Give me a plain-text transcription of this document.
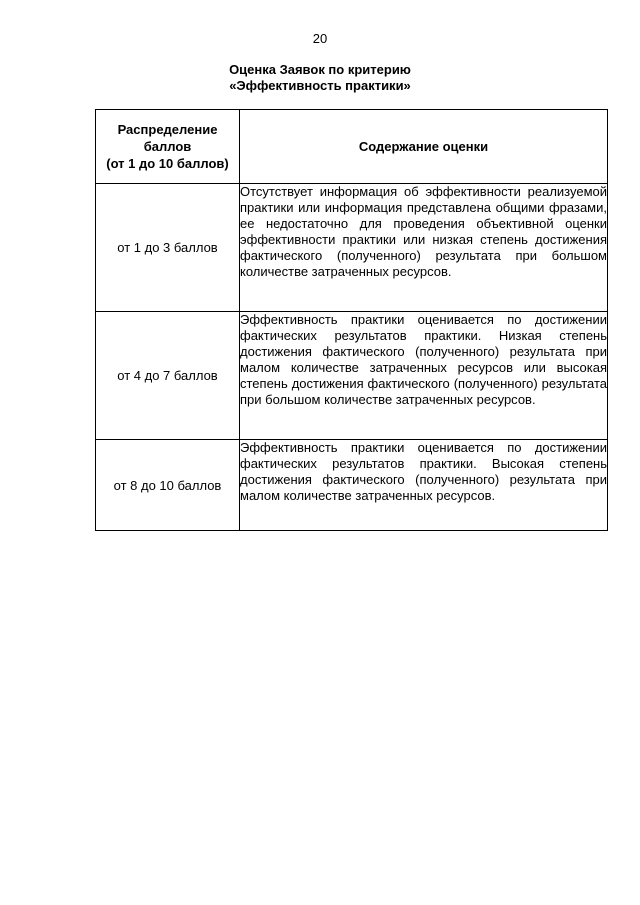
20
Оценка Заявок по критерию
«Эффективность практики»
Распределение
баллов
(от 1 до 10 баллов)	Содержание оценки
от 1 до 3 баллов	Отсутствует информация об эффективности реализуемой практики или информация представлена общими фразами, ее недостаточно для проведения объективной оценки эффективности практики или низкая степень достижения фактического (полученного) результата при большом количестве затраченных ресурсов.
от 4 до 7 баллов	Эффективность практики оценивается по достижении фактических результатов практики. Низкая степень достижения фактического (полученного) результата при малом количестве затраченных ресурсов или высокая степень достижения фактического (полученного) результата при большом количестве затраченных ресурсов.
от 8 до 10 баллов	Эффективность практики оценивается по достижении фактических результатов практики. Высокая степень достижения фактического (полученного) результата при малом количестве затраченных ресурсов.
